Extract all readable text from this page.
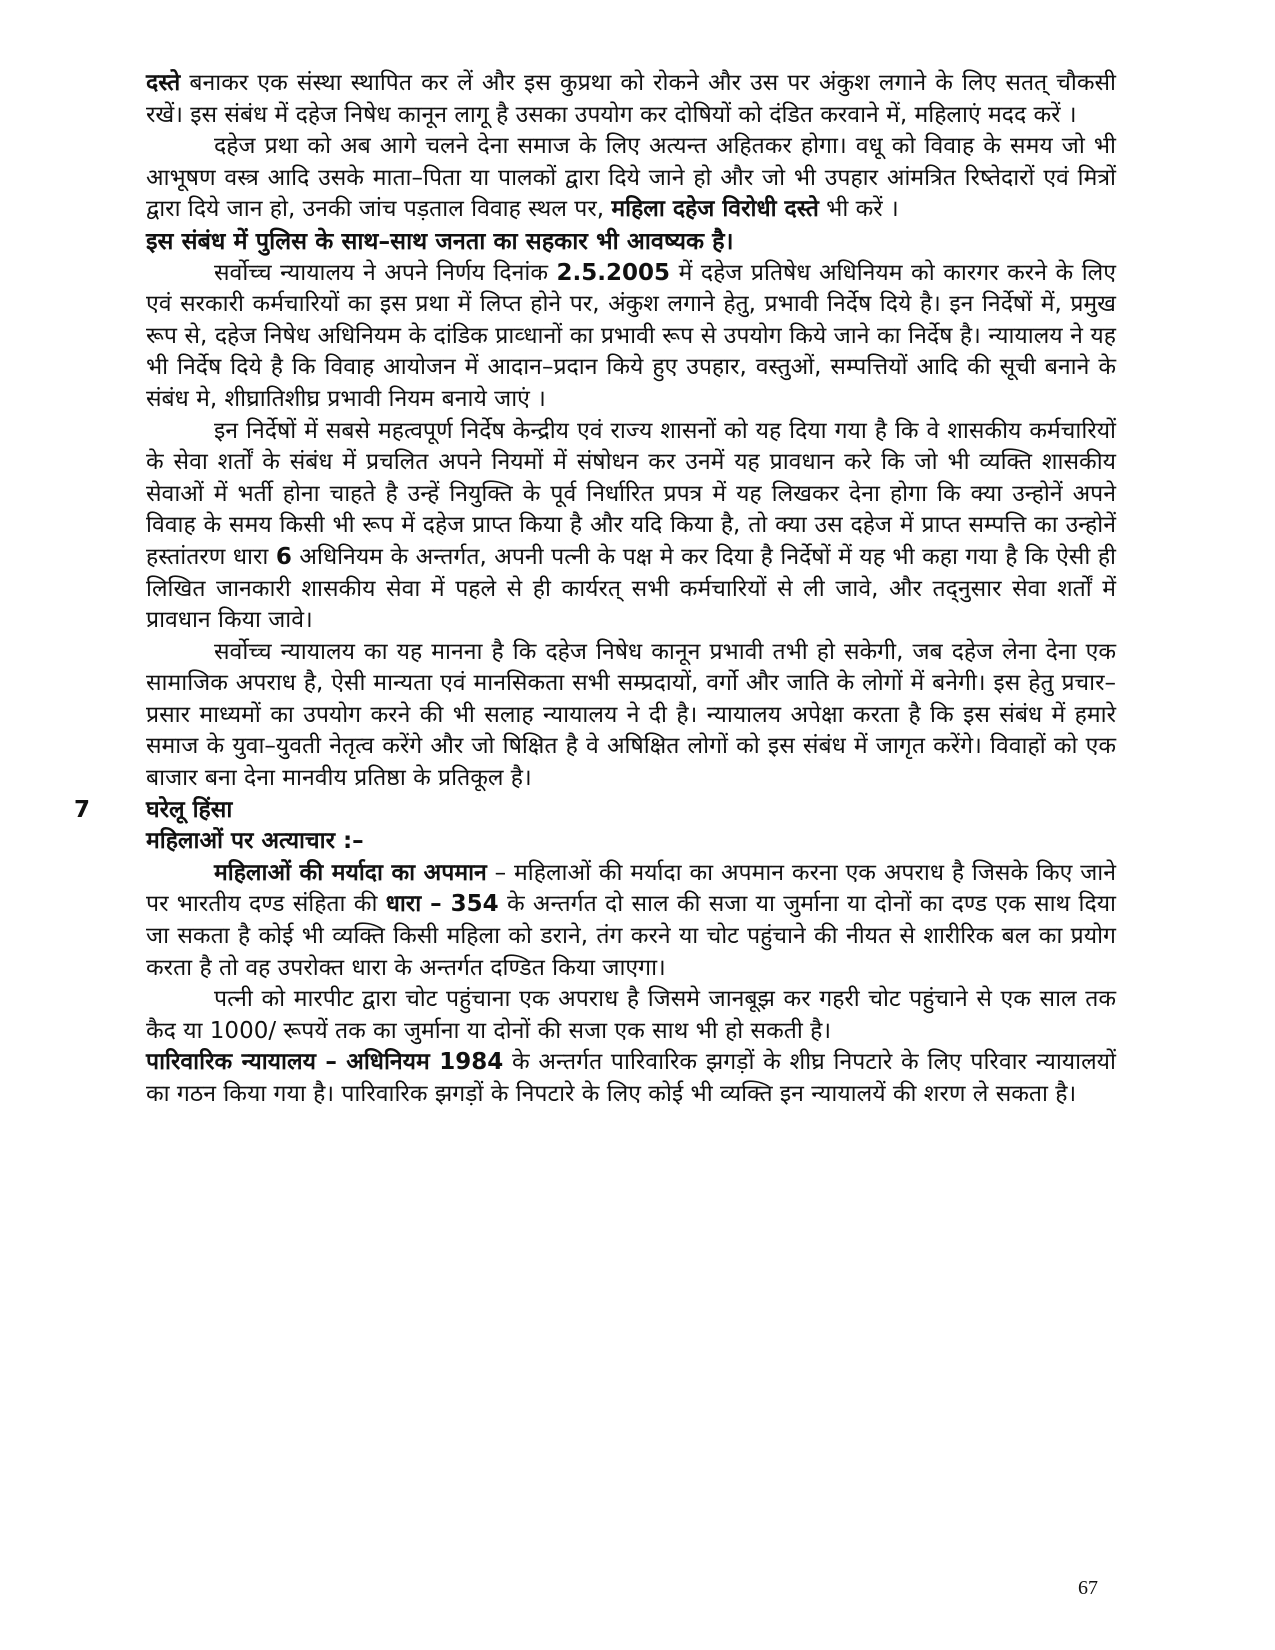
दस्ते बनाकर एक संस्था स्थापित कर लें और इस कुप्रथा को रोकने और उस पर अंकुश लगाने के लिए सतत् चौकसी रखें। इस संबंध में दहेज निषेध कानून लागू है उसका उपयोग कर दोषियों को दंडित करवाने में, महिलाएं मदद करें ।

दहेज प्रथा को अब आगे चलने देना समाज के लिए अत्यन्त अहितकर होगा। वधू को विवाह के समय जो भी आभूषण वस्त्र आदि उसके माता–पिता या पालकों द्वारा दिये जाने हो और जो भी उपहार आंमत्रित रिष्तेदारों एवं मित्रों द्वारा दिये जान हो, उनकी जांच पड़ताल विवाह स्थल पर, महिला दहेज विरोधी दस्ते भी करें ।

इस संबंध में पुलिस के साथ–साथ जनता का सहकार भी आवष्यक है।

सर्वोच्च न्यायालय ने अपने निर्णय दिनांक 2.5.2005 में दहेज प्रतिषेध अधिनियम को कारगर करने के लिए एवं सरकारी कर्मचारियों का इस प्रथा में लिप्त होने पर, अंकुश लगाने हेतु, प्रभावी निर्देष दिये है। इन निर्देषों में, प्रमुख रूप से, दहेज निषेध अधिनियम के दांडिक प्राव्धानों का प्रभावी रूप से उपयोग किये जाने का निर्देष है। न्यायालय ने यह भी निर्देष दिये है कि विवाह आयोजन में आदान–प्रदान किये हुए उपहार, वस्तुओं, सम्पत्तियों आदि की सूची बनाने के संबंध मे, शीघ्रातिशीघ्र प्रभावी नियम बनाये जाएं ।

इन निर्देषों में सबसे महत्वपूर्ण निर्देष केन्द्रीय एवं राज्य शासनों को यह दिया गया है कि वे शासकीय कर्मचारियों के सेवा शर्तों के संबंध में प्रचलित अपने नियमों में संषोधन कर उनमें यह प्रावधान करे कि जो भी व्यक्ति शासकीय सेवाओं में भर्ती होना चाहते है उन्हें नियुक्ति के पूर्व निर्धारित प्रपत्र में यह लिखकर देना होगा कि क्या उन्होनें अपने विवाह के समय किसी भी रूप में दहेज प्राप्त किया है और यदि किया है, तो क्या उस दहेज में प्राप्त सम्पत्ति का उन्होनें हस्तांतरण धारा 6 अधिनियम के अन्तर्गत, अपनी पत्नी के पक्ष मे कर दिया है निर्देषों में यह भी कहा गया है कि ऐसी ही लिखित जानकारी शासकीय सेवा में पहले से ही कार्यरत् सभी कर्मचारियों से ली जावे, और तद्नुसार सेवा शर्तों में प्रावधान किया जावे।

सर्वोच्च न्यायालय का यह मानना है कि दहेज निषेध कानून प्रभावी तभी हो सकेगी, जब दहेज लेना देना एक सामाजिक अपराध है, ऐसी मान्यता एवं मानसिकता सभी सम्प्रदायों, वर्गो और जाति के लोगों में बनेगी। इस हेतु प्रचार–प्रसार माध्यमों का उपयोग करने की भी सलाह न्यायालय ने दी है। न्यायालय अपेक्षा करता है कि इस संबंध में हमारे समाज के युवा–युवती नेतृत्व करेंगे और जो षिक्षित है वे अषिक्षित लोगों को इस संबंध में जागृत करेंगे। विवाहों को एक बाजार बना देना मानवीय प्रतिष्ठा के प्रतिकूल है।

7 घरेलू हिंसा

महिलाओं पर अत्याचार :–

महिलाओं की मर्यादा का अपमान – महिलाओं की मर्यादा का अपमान करना एक अपराध है जिसके किए जाने पर भारतीय दण्ड संहिता की धारा – 354 के अन्तर्गत दो साल की सजा या जुर्माना या दोनों का दण्ड एक साथ दिया जा सकता है कोई भी व्यक्ति किसी महिला को डराने, तंग करने या चोट पहुंचाने की नीयत से शारीरिक बल का प्रयोग करता है तो वह उपरोक्त धारा के अन्तर्गत दण्डित किया जाएगा।

पत्नी को मारपीट द्वारा चोट पहुंचाना एक अपराध है जिसमे जानबूझ कर गहरी चोट पहुंचाने से एक साल तक कैद या 1000/ रूपयें तक का जुर्माना या दोनों की सजा एक साथ भी हो सकती है।

पारिवारिक न्यायालय – अधिनियम 1984 के अन्तर्गत पारिवारिक झगड़ों के शीघ्र निपटारे के लिए परिवार न्यायालयों का गठन किया गया है। पारिवारिक झगड़ों के निपटारे के लिए कोई भी व्यक्ति इन न्यायालयें की शरण ले सकता है।

67
